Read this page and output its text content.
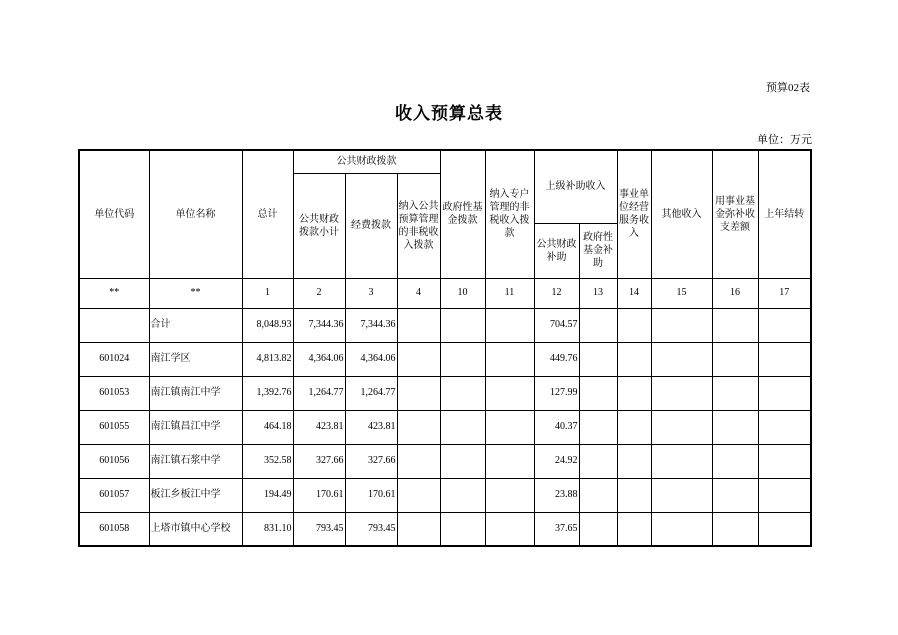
预算02表
收入预算总表
单位：万元
单位代码	单位名称	总计	公共财政拨款			政府性基金拨款	纳入专户管理的非税收入拨款	上级补助收入		事业单位经营服务收入	其他收入	用事业基金弥补收支差额	上年结转
			公共财政拨款小计	经费拨款	纳入公共预算管理的非税收入拨款								
								公共财政补助	政府性基金补助				
**	**	1	2	3	4	10	11	12	13	14	15	16	17
	合计	8,048.93	7,344.36	7,344.36				704.57					
601024	南江学区	4,813.82	4,364.06	4,364.06				449.76					
601053	南江镇南江中学	1,392.76	1,264.77	1,264.77				127.99					
601055	南江镇昌江中学	464.18	423.81	423.81				40.37					
601056	南江镇石浆中学	352.58	327.66	327.66				24.92					
601057	板江乡板江中学	194.49	170.61	170.61				23.88					
601058	上塔市镇中心学校	831.10	793.45	793.45				37.65					
